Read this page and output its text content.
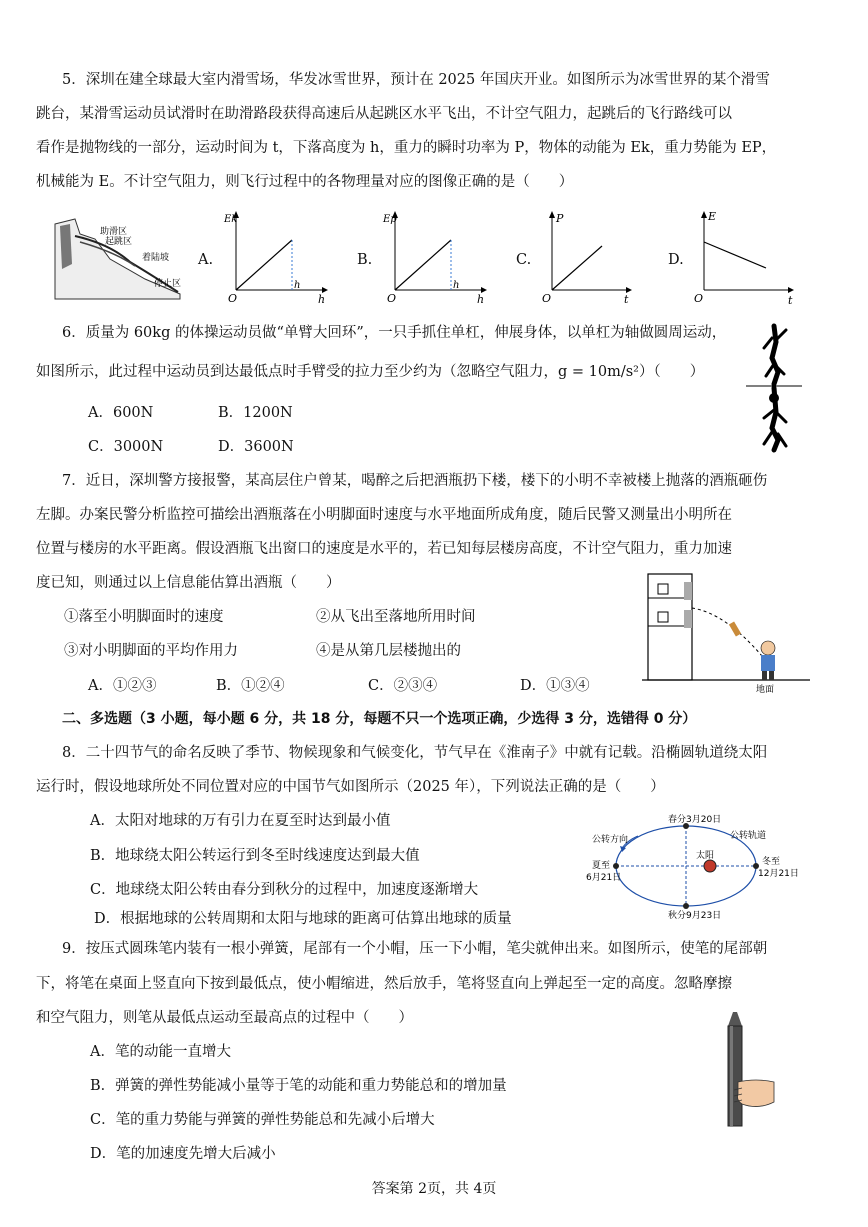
5．深圳在建全球最大室内滑雪场，华发冰雪世界，预计在 2025 年国庆开业。如图所示为冰雪世界的某个滑雪
跳台，某滑雪运动员试滑时在助滑路段获得高速后从起跳区水平飞出，不计空气阻力，起跳后的飞行路线可以
看作是抛物线的一部分，运动时间为 t，下落高度为 h，重力的瞬时功率为 P，物体的动能为 Ek，重力势能为 EP，
机械能为 E。不计空气阻力，则飞行过程中的各物理量对应的图像正确的是（　　）
助滑区
起跳区
着陆坡
停止区
A.
Ek
O
h
h
B.
Ep
O
h
h
C.
P
O	t
D.
E
O	t
6．质量为 60kg 的体操运动员做“单臂大回环”，一只手抓住单杠，伸展身体，以单杠为轴做圆周运动，
如图所示，此过程中运动员到达最低点时手臂受的拉力至少约为（忽略空气阻力，g = 10m/s²）（　　）
A．600N	B．1200N
C．3000N	D．3600N
7．近日，深圳警方接报警，某高层住户曾某，喝醉之后把酒瓶扔下楼，楼下的小明不幸被楼上抛落的酒瓶砸伤
左脚。办案民警分析监控可描绘出酒瓶落在小明脚面时速度与水平地面所成角度，随后民警又测量出小明所在
位置与楼房的水平距离。假设酒瓶飞出窗口的速度是水平的，若已知每层楼房高度，不计空气阻力，重力加速
度已知，则通过以上信息能估算出酒瓶（　　）
①落至小明脚面时的速度	②从飞出至落地所用时间
③对小明脚面的平均作用力	④是从第几层楼抛出的
A．①②③	B．①②④	C．②③④	D．①③④	地面
二、多选题（3 小题，每小题 6 分，共 18 分，每题不只一个选项正确，少选得 3 分，选错得 0 分）
8．二十四节气的命名反映了季节、物候现象和气候变化，节气早在《淮南子》中就有记载。沿椭圆轨道绕太阳
运行时，假设地球所处不同位置对应的中国节气如图所示（2025 年），下列说法正确的是（　　）
A．太阳对地球的万有引力在夏至时达到最小值
B．地球绕太阳公转运行到冬至时线速度达到最大值
C．地球绕太阳公转由春分到秋分的过程中，加速度逐渐增大
D．根据地球的公转周期和太阳与地球的距离可估算出地球的质量
春分3月20日
公转方向	公转轨道
太阳
夏至
6月21日
冬至
12月21日
秋分9月23日
9．按压式圆珠笔内装有一根小弹簧，尾部有一个小帽，压一下小帽，笔尖就伸出来。如图所示，使笔的尾部朝
下，将笔在桌面上竖直向下按到最低点，使小帽缩进，然后放手，笔将竖直向上弹起至一定的高度。忽略摩擦
和空气阻力，则笔从最低点运动至最高点的过程中（　　）
A．笔的动能一直增大
B．弹簧的弹性势能减小量等于笔的动能和重力势能总和的增加量
C．笔的重力势能与弹簧的弹性势能总和先减小后增大
D．笔的加速度先增大后减小
答案第 2页，共 4页
